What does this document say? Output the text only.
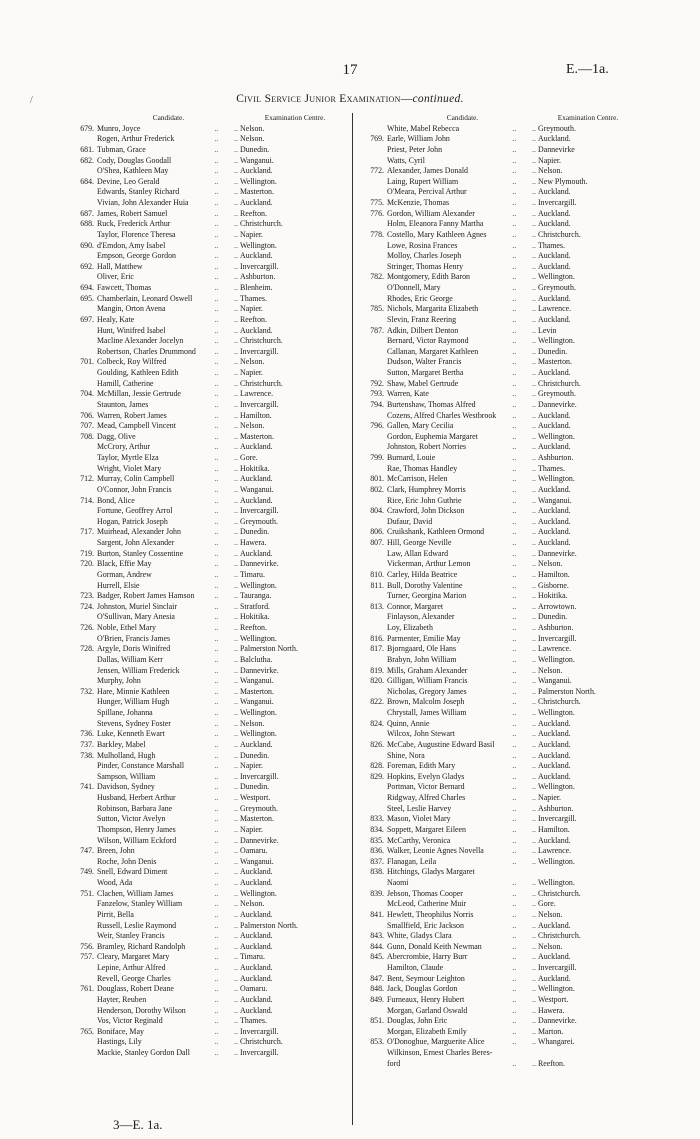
17	E.—1a.
/	Civil Service Junior Examination—continued.
Candidate.	Examination Centre.
679. Munro, Joyce	..  .. Nelson.
Rogen, Arthur Frederick	..  .. Nelson.
681. Tubman, Grace	..  .. Dunedin.
682. Cody, Douglas Goodall	..  .. Wanganui.
O'Shea, Kathleen May	..  .. Auckland.
684. Devine, Leo Gerald	..  .. Wellington.
Edwards, Stanley Richard	..  .. Masterton.
Vivian, John Alexander Huia	..  .. Auckland.
687. James, Robert Samuel	..  .. Reefton.
688. Ruck, Frederick Arthur	..  .. Christchurch.
Taylor, Florence Theresa	..  .. Napier.
690. d'Emdon, Amy Isabel	..  .. Wellington.
Empson, George Gordon	..  .. Auckland.
692. Hall, Matthew	..  .. Invercargill.
Oliver, Eric	..  .. Ashburton.
694. Fawcett, Thomas	..  .. Blenheim.
695. Chamberlain, Leonard Oswell	..  .. Thames.
Mangin, Orton Avena	..  .. Napier.
697. Healy, Kate	..  .. Reefton.
Hunt, Winifred Isabel	..  .. Auckland.
Macline Alexander Jocelyn	..  .. Christchurch.
Robertson, Charles Drummond ..  .. Invercargill.
701. Colbeck, Roy Wilfred	..  .. Nelson.
Goulding, Kathleen Edith	..  .. Napier.
Hamill, Catherine	..  .. Christchurch.
704. McMillan, Jessie Gertrude	..  .. Lawrence.
Staunton, James	..  .. Invercargill.
706. Warren, Robert James	..  .. Hamilton.
707. Mead, Campbell Vincent	..  .. Nelson.
708. Dagg, Olive	..  .. Masterton.
McCrory, Arthur	..  .. Auckland.
Taylor, Myrtle Elza	..  .. Gore.
Wright, Violet Mary	..  .. Hokitika.
712. Murray, Colin Campbell	..  .. Auckland.
O'Connor, John Francis	..  .. Wanganui.
714. Bond, Alice	..  .. Auckland.
Fortune, Geoffrey Arrol	..  .. Invercargill.
Hogan, Patrick Joseph	..  .. Greymouth.
717. Muirhead, Alexander John	..  .. Dunedin.
Sargent, John Alexander	..  .. Hawera.
719. Burton, Stanley Cossentine	..  .. Auckland.
720. Black, Effie May	..  .. Dannevirke.
Gorman, Andrew	..  .. Timaru.
Hurrell, Elsie	..  .. Wellington.
723. Badger, Robert James Hamson	..  .. Tauranga.
724. Johnston, Muriel Sinclair	..  .. Stratford.
O'Sullivan, Mary Anesia	..  .. Hokitika.
726. Noble, Ethel Mary	..  .. Reefton.
O'Brien, Francis James	..  .. Wellington.
728. Argyle, Doris Winifred	..  .. Palmerston North.
Dallas, William Kerr	..  .. Balclutha.
Jensen, William Frederick	..  .. Dannevirke.
Murphy, John	..  .. Wanganui.
732. Hare, Minnie Kathleen	..  .. Masterton.
Hunger, William Hugh	..  .. Wanganui.
Spillane, Johanna	..  .. Wellington.
Stevens, Sydney Foster	..  .. Nelson.
736. Luke, Kenneth Ewart	..  .. Wellington.
737. Barkley, Mabel	..  .. Auckland.
738. Mulholland, Hugh	..  .. Dunedin.
Pinder, Constance Marshall	..  .. Napier.
Sampson, William	..  .. Invercargill.
741. Davidson, Sydney	..  .. Dunedin.
Husband, Herbert Arthur	..  .. Westport.
Robinson, Barbara Jane	..  .. Greymouth.
Sutton, Victor Avelyn	..  .. Masterton.
Thompson, Henry James	..  .. Napier.
Wilson, William Eckford	..  .. Dannevirke.
747. Breen, John	..  .. Oamaru.
Roche, John Denis	..  .. Wanganui.
749. Snell, Edward Diment	..  .. Auckland.
Wood, Ada	..  .. Auckland.
751. Clachen, William James	..  .. Wellington.
Fanzelow, Stanley William	..  .. Nelson.
Pirrit, Bella	..  .. Auckland.
Russell, Leslie Raymond	..  .. Palmerston North.
Weir, Stanley Francis	..  .. Auckland.
756. Bramley, Richard Randolph	..  .. Auckland.
757. Cleary, Margaret Mary	..  .. Timaru.
Lepine, Arthur Alfred	..  .. Auckland.
Revell, George Charles	..  .. Auckland.
761. Douglass, Robert Deane	..  .. Oamaru.
Hayter, Reuben	..  .. Auckland.
Henderson, Dorothy Wilson	..  .. Auckland.
Vos, Victor Reginald	..  .. Thames.
765. Boniface, May	..  .. Invercargill.
Hastings, Lily	..  .. Christchurch.
Mackie, Stanley Gordon Dall	..  .. Invercargill.
Candidate.	Examination Centre.
White, Mabel Rebecca	..  .. Greymouth.
769. Earle, William John	..  .. Auckland.
Priest, Peter John	..  .. Dannevirke
Watts, Cyril	..  .. Napier.
772. Alexander, James Donald	..  .. Nelson.
Laing, Rupert William	..  .. New Plymouth.
O'Meara, Percival Arthur	..  .. Auckland.
775. McKenzie, Thomas	..  .. Invercargill.
776. Gordon, William Alexander	..  .. Auckland.
Holm, Eleanora Fanny Martha	..  .. Auckland.
778. Costello, Mary Kathleen Agnes	..  .. Christchurch.
Lowe, Rosina Frances	..  .. Thames.
Molloy, Charles Joseph	..  .. Auckland.
Stringer, Thomas Henry	..  .. Auckland.
782. Montgomery, Edith Baron	..  .. Wellington.
O'Donnell, Mary	..  .. Greymouth.
Rhodes, Eric George	..  .. Auckland.
785. Nichols, Margarita Elizabeth	..  .. Lawrence.
Slevin, Franz Reering	..  .. Auckland.
787. Adkin, Dilbert Denton	..  .. Levin
Bernard, Victor Raymond	..  .. Wellington.
Callanan, Margaret Kathleen	..  .. Dunedin.
Dudson, Walter Francis	..  .. Masterton.
Sutton, Margaret Bertha	..  .. Auckland.
792. Shaw, Mabel Gertrude	..  .. Christchurch.
793. Warren, Kate	..  .. Greymouth.
794. Burtenshaw, Thomas Alfred	..  .. Dannevirke.
Cozens, Alfred Charles Westbrook ..  .. Auckland.
796. Gallen, Mary Cecilia	..  .. Auckland.
Gordon, Euphemia Margaret	..  .. Wellington.
Johnston, Robert Norries	..  .. Auckland.
799. Burnard, Louie	..  .. Ashburton.
Rae, Thomas Handley	..  .. Thames.
801. McCarrison, Helen	..  .. Wellington.
802. Clark, Humphrey Morris	..  .. Auckland.
Rice, Eric John Guthrie	..  .. Wanganui.
804. Crawford, John Dickson	..  .. Auckland.
Dufaur, David	..  .. Auckland.
806. Cruikshank, Kathleen Ormond	..  .. Auckland.
807. Hill, George Neville	..  .. Auckland.
Law, Allan Edward	..  .. Dannevirke.
Vickerman, Arthur Lemon	..  .. Nelson.
810. Carley, Hilda Beatrice	..  .. Hamilton.
811. Bull, Dorothy Valentine	..  .. Gisborne.
Turner, Georgina Marion	..  .. Hokitika.
813. Connor, Margaret	..  .. Arrowtown.
Finlayson, Alexander	..  .. Dunedin.
Loy, Elizabeth	..  .. Ashburton.
816. Parmenter, Emilie May	..  .. Invercargill.
817. Bjorngaard, Ole Hans	..  .. Lawrence.
Brabyn, John William	..  .. Wellington.
819. Mills, Graham Alexander	..  .. Nelson.
820. Gilligan, William Francis	..  .. Wanganui.
Nicholas, Gregory James	..  .. Palmerston North.
822. Brown, Malcolm Joseph	..  .. Christchurch.
Chrystall, James William	..  .. Wellington.
824. Quinn, Annie	..  .. Auckland.
Wilcox, John Stewart	..  .. Auckland.
826. McCabe, Augustine Edward Basil ..  .. Auckland.
Shine, Nora	..  .. Auckland.
828. Foreman, Edith Mary	..  .. Auckland.
829. Hopkins, Evelyn Gladys	..  .. Auckland.
Portman, Victor Bernard	..  .. Wellington.
Ridgway, Alfred Charles	..  .. Napier.
Steel, Leslie Harvey	..  .. Ashburton.
833. Mason, Violet Mary	..  .. Invercargill.
834. Soppett, Margaret Eileen	..  .. Hamilton.
835. McCarthy, Veronica	..  .. Auckland.
836. Walker, Leonie Agnes Novella	..  .. Lawrence.
837. Flanagan, Leila	..  .. Wellington.
838. Hitchings, Gladys Margaret
Naomi	..  .. Wellington.
839. Jebson, Thomas Cooper	..  .. Christchurch.
McLeod, Catherine Muir	..  .. Gore.
841. Hewlett, Theophilus Norris	..  .. Nelson.
Smallfield, Eric Jackson	..  .. Auckland.
843. White, Gladys Clara	..  .. Christchurch.
844. Gunn, Donald Keith Newman	..  .. Nelson.
845. Abercrombie, Harry Burr	..  .. Auckland.
Hamilton, Claude	..  .. Invercargill.
847. Bent, Seymour Leighton	..  .. Auckland.
848. Jack, Douglas Gordon	..  .. Wellington.
849. Furneaux, Henry Hubert	..  .. Westport.
Morgan, Garland Oswald	..  .. Hawera.
851. Douglas, John Eric	..  .. Dannevirke.
Morgan, Elizabeth Emily	..  .. Marton.
853. O'Donoghue, Marguerite Alice	..  .. Whangarei.
Wilkinson, Ernest Charles Beres-
ford	..  .. Reefton.
3—E. 1a.
